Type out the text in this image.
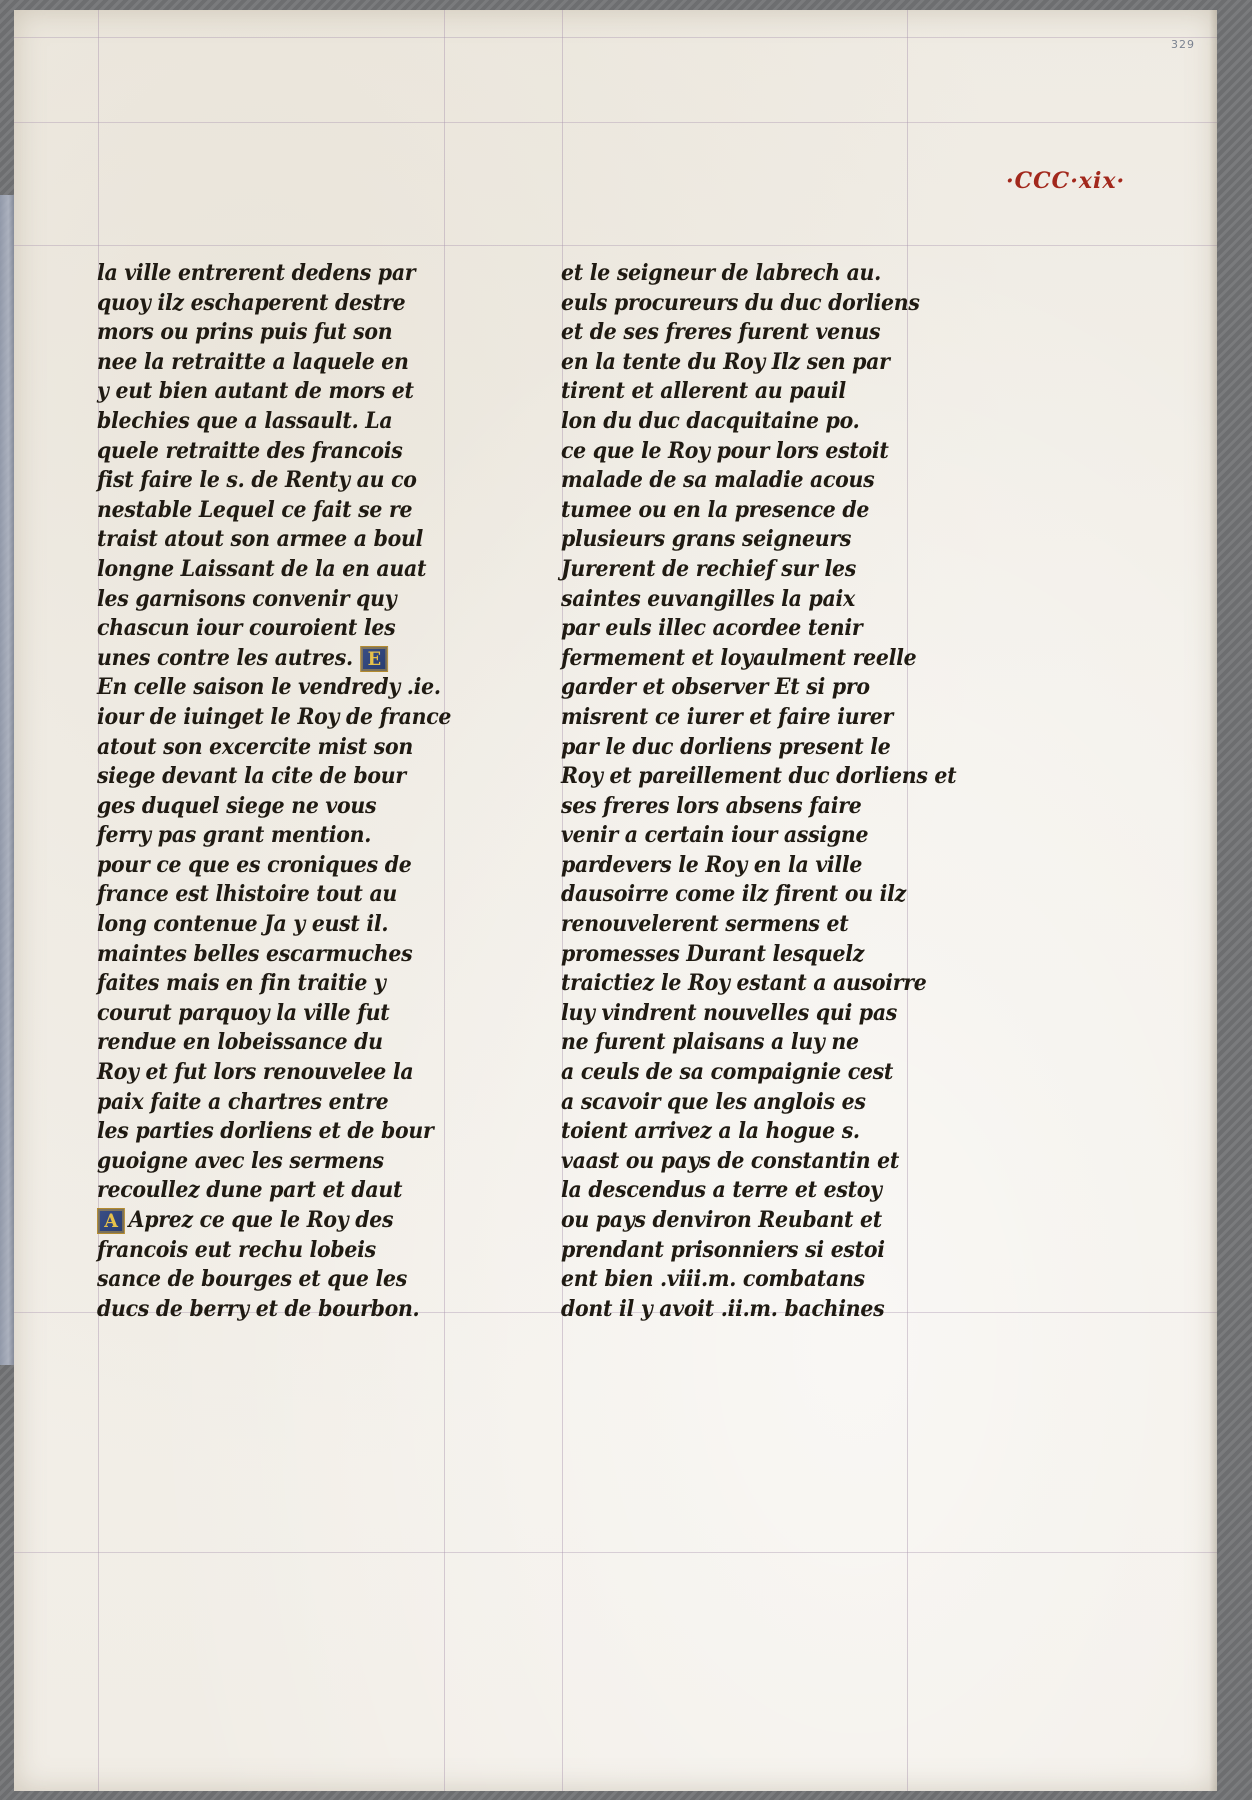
329
·CCC·xix·
la ville entrerent dedens par
quoy ilz eschaperent destre
mors ou prins puis fut son
nee la retraitte a laquele en
y eut bien autant de mors et
blechies que a lassault. La
quele retraitte des francois
fist faire le s. de Renty au co
nestable Lequel ce fait se re
traist atout son armee a boul
longne Laissant de la en auat
les garnisons convenir quy
chascun iour couroient les
unes contre les autres. E
En celle saison le vendredy .ie.
iour de iuinget le Roy de france
atout son excercite mist son
siege devant la cite de bour
ges duquel siege ne vous
ferry pas grant mention.
pour ce que es croniques de
france est lhistoire tout au
long contenue Ja y eust il.
maintes belles escarmuches
faites mais en fin traitie y
courut parquoy la ville fut
rendue en lobeissance du
Roy et fut lors renouvelee la
paix faite a chartres entre
les parties dorliens et de bour
guoigne avec les sermens
recoullez dune part et daut
A Aprez ce que le Roy des
francois eut rechu lobeis
sance de bourges et que les
ducs de berry et de bourbon.
et le seigneur de labrech au.
euls procureurs du duc dorliens
et de ses freres furent venus
en la tente du Roy Ilz sen par
tirent et allerent au pauil
lon du duc dacquitaine po.
ce que le Roy pour lors estoit
malade de sa maladie acous
tumee ou en la presence de
plusieurs grans seigneurs
Jurerent de rechief sur les
saintes euvangilles la paix
par euls illec acordee tenir
fermement et loyaulment reelle
garder et observer Et si pro
misrent ce iurer et faire iurer
par le duc dorliens present le
Roy et pareillement duc dorliens et
ses freres lors absens faire
venir a certain iour assigne
pardevers le Roy en la ville
dausoirre come ilz firent ou ilz
renouvelerent sermens et
promesses Durant lesquelz
traictiez le Roy estant a ausoirre
luy vindrent nouvelles qui pas
ne furent plaisans a luy ne
a ceuls de sa compaignie cest
a scavoir que les anglois es
toient arrivez a la hogue s.
vaast ou pays de constantin et
la descendus a terre et estoy
ou pays denviron Reubant et
prendant prisonniers si estoi
ent bien .viii.m. combatans
dont il y avoit .ii.m. bachines
